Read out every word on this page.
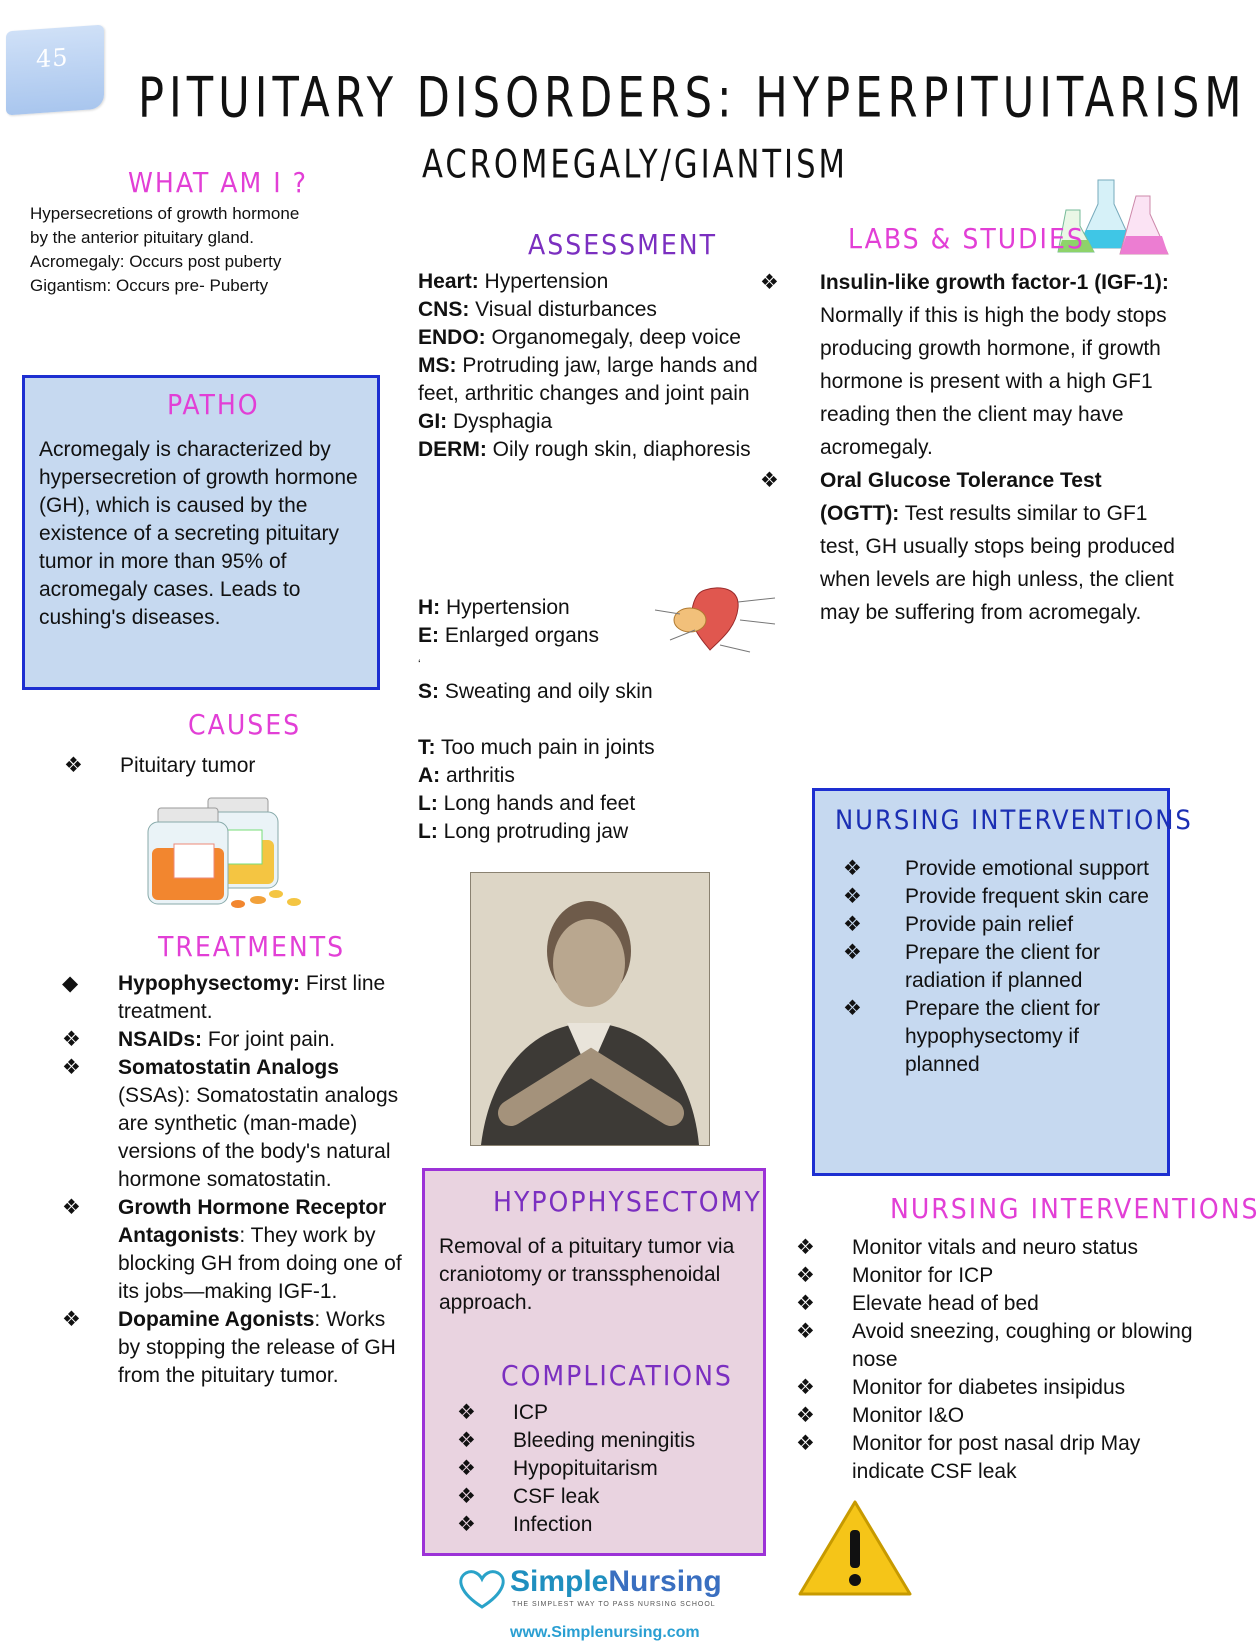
45
PITUITARY DISORDERS: HYPERPITUITARISM
ACROMEGALY/GIANTISM
WHAT AM I ?
Hypersecretions of growth hormone
by the anterior pituitary gland.
Acromegaly: Occurs post puberty
Gigantism: Occurs pre- Puberty
PATHO
Acromegaly is characterized by hypersecretion of growth hormone (GH), which is caused by the existence of a secreting pituitary tumor in more than 95% of acromegaly cases. Leads to cushing's diseases.
CAUSES
❖ Pituitary tumor
TREATMENTS
◆ Hypophysectomy: First line treatment.
❖ NSAIDs: For joint pain.
❖ Somatostatin Analogs (SSAs): Somatostatin analogs are synthetic (man-made) versions of the body's natural hormone somatostatin.
❖ Growth Hormone Receptor Antagonists: They work by blocking GH from doing one of its jobs—making IGF-1.
❖ Dopamine Agonists: Works by stopping the release of GH from the pituitary tumor.
ASSESSMENT
Heart: Hypertension
CNS: Visual disturbances
ENDO: Organomegaly, deep voice
MS: Protruding jaw, large hands and feet, arthritic changes and joint pain
GI: Dysphagia
DERM: Oily rough skin, diaphoresis
H: Hypertension
E: Enlarged organs
‘
S: Sweating and oily skin
T: Too much pain in joints
A: arthritis
L: Long hands and feet
L: Long protruding jaw
LABS & STUDIES
❖ Insulin-like growth factor-1 (IGF-1): Normally if this is high the body stops producing growth hormone, if growth hormone is present with a high GF1 reading then the client may have acromegaly.
❖ Oral Glucose Tolerance Test (OGTT): Test results similar to GF1 test, GH usually stops being produced when levels are high unless, the client may be suffering from acromegaly.
NURSING INTERVENTIONS
❖ Provide emotional support
❖ Provide frequent skin care
❖ Provide pain relief
❖ Prepare the client for radiation if planned
❖ Prepare the client for hypophysectomy if planned
HYPOPHYSECTOMY
Removal of a pituitary tumor via craniotomy or transsphenoidal approach.
COMPLICATIONS
❖ ICP
❖ Bleeding meningitis
❖ Hypopituitarism
❖ CSF leak
❖ Infection
NURSING INTERVENTIONS
❖ Monitor vitals and neuro status
❖ Monitor for ICP
❖ Elevate head of bed
❖ Avoid sneezing, coughing or blowing nose
❖ Monitor for diabetes insipidus
❖ Monitor I&O
❖ Monitor for post nasal drip May indicate CSF leak
SimpleNursing
THE SIMPLEST WAY TO PASS NURSING SCHOOL
www.Simplenursing.com
